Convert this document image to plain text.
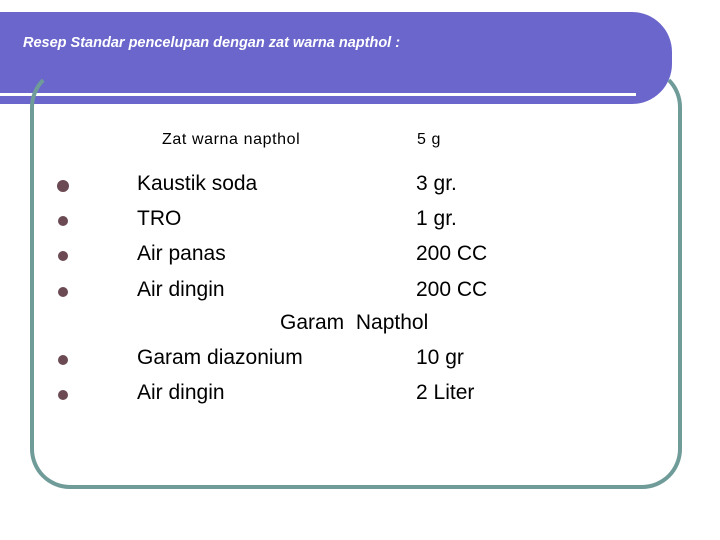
Resep Standar pencelupan dengan zat warna napthol :
Zat warna napthol	5 g
Kaustik soda	3 gr.
TRO	1 gr.
Air panas	200 CC
Air dingin	200 CC
Garam  Napthol
Garam diazonium	10 gr
Air dingin	2 Liter
